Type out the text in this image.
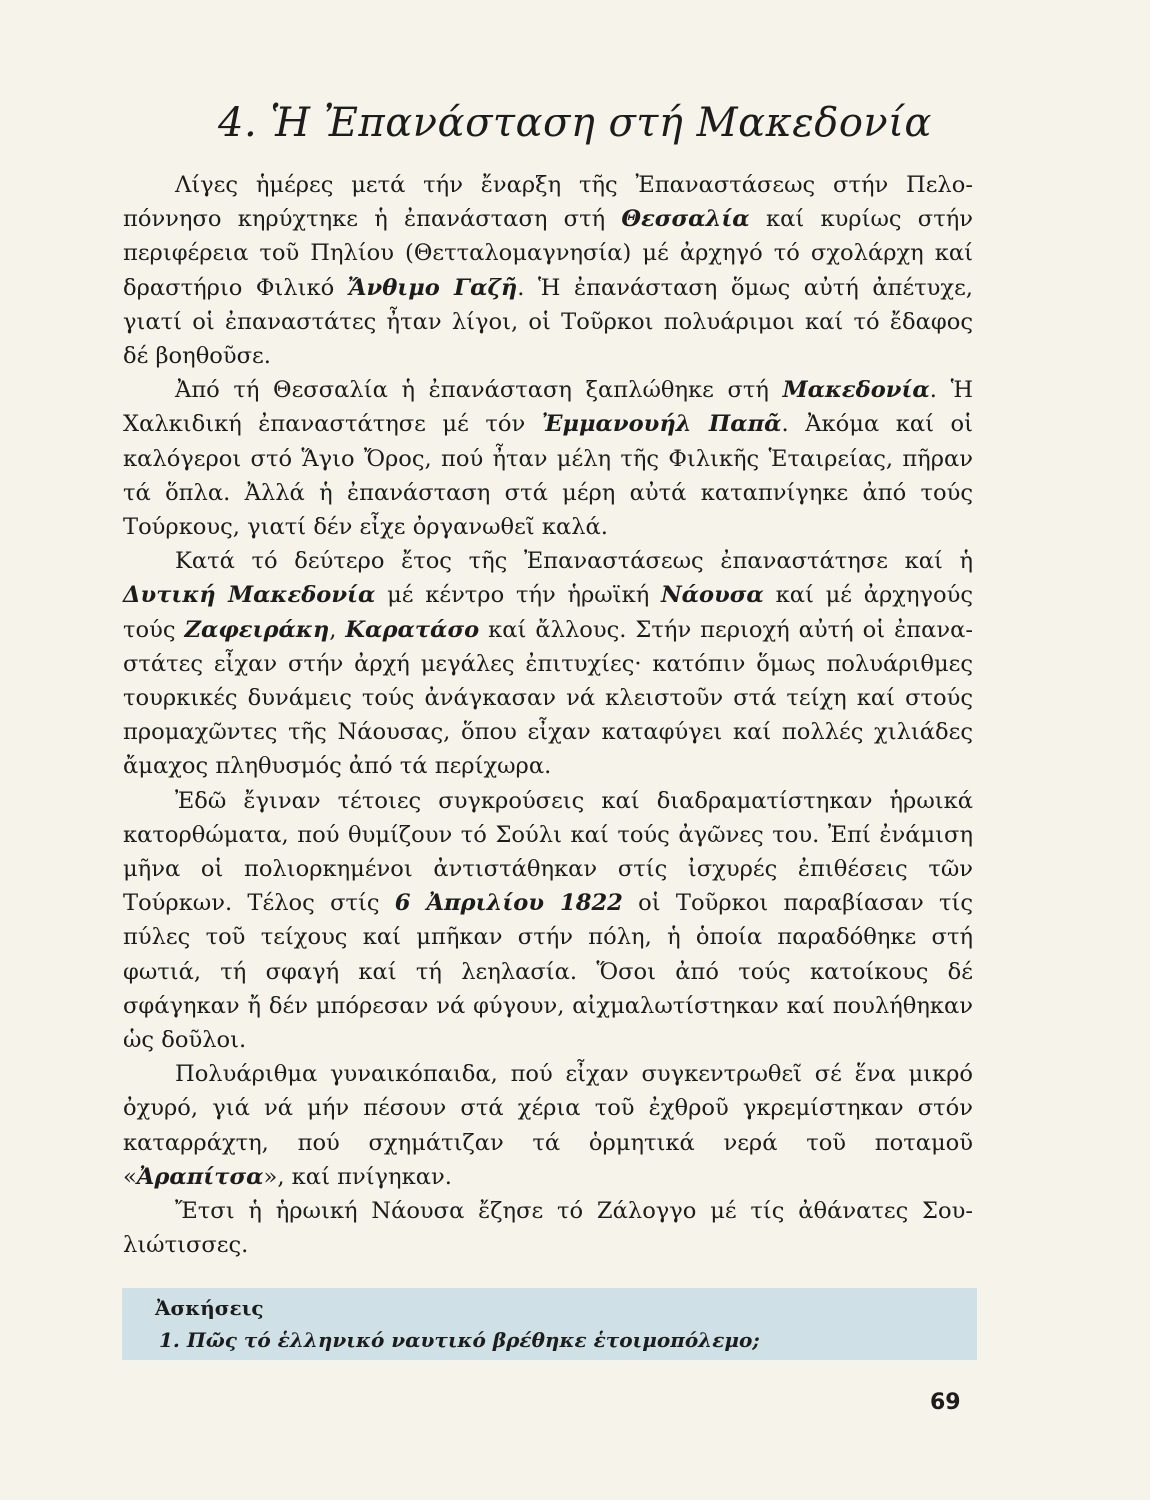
4. Ἡ Ἐπανάσταση στή Μακεδονία

Λίγες ἡμέρες μετά τήν ἔναρξη τῆς Ἐπαναστάσεως στήν Πελοπόννησο κηρύχτηκε ἡ ἐπανάσταση στή Θεσσαλία καί κυρίως στήν περιφέρεια τοῦ Πηλίου (Θετταλομαγνησία) μέ ἀρχηγό τό σχολάρχη καί δραστήριο Φιλικό Ἄνθιμο Γαζῆ. Ἡ ἐπανάσταση ὅμως αὐτή ἀπέτυχε, γιατί οἱ ἐπαναστάτες ἦταν λίγοι, οἱ Τοῦρκοι πολυάριμοι καί τό ἔδαφος δέ βοηθοῦσε.

Ἀπό τή Θεσσαλία ἡ ἐπανάσταση ξαπλώθηκε στή Μακεδονία. Ἡ Χαλκιδική ἐπαναστάτησε μέ τόν Ἐμμανουήλ Παπᾶ. Ἀκόμα καί οἱ καλόγεροι στό Ἅγιο Ὄρος, πού ἦταν μέλη τῆς Φιλικῆς Ἑταιρείας, πῆραν τά ὅπλα. Ἀλλά ἡ ἐπανάσταση στά μέρη αὐτά καταπνίγηκε ἀπό τούς Τούρκους, γιατί δέν εἶχε ὀργανωθεῖ καλά.

Κατά τό δεύτερο ἔτος τῆς Ἐπαναστάσεως ἐπαναστάτησε καί ἡ Δυτική Μακεδονία μέ κέντρο τήν ἡρωϊκή Νάουσα καί μέ ἀρχηγούς τούς Ζαφειράκη, Καρατάσο καί ἄλλους. Στήν περιοχή αὐτή οἱ ἐπαναστάτες εἶχαν στήν ἀρχή μεγάλες ἐπιτυχίες· κατόπιν ὅμως πολυάριθμες τουρκικές δυνάμεις τούς ἀνάγκασαν νά κλειστοῦν στά τείχη καί στούς προμαχῶντες τῆς Νάουσας, ὅπου εἶχαν καταφύγει καί πολλές χιλιάδες ἄμαχος πληθυσμός ἀπό τά περίχωρα.

Ἐδῶ ἔγιναν τέτοιες συγκρούσεις καί διαδραματίστηκαν ἡρωικά κατορθώματα, πού θυμίζουν τό Σούλι καί τούς ἀγῶνες του. Ἐπί ἐνάμιση μῆνα οἱ πολιορκημένοι ἀντιστάθηκαν στίς ἰσχυρές ἐπιθέσεις τῶν Τούρκων. Τέλος στίς 6 Ἀπριλίου 1822 οἱ Τοῦρκοι παραβίασαν τίς πύλες τοῦ τείχους καί μπῆκαν στήν πόλη, ἡ ὁποία παραδόθηκε στή φωτιά, τή σφαγή καί τή λεηλασία. Ὅσοι ἀπό τούς κατοίκους δέ σφάγηκαν ἤ δέν μπόρεσαν νά φύγουν, αἰχμαλωτίστηκαν καί πουλήθηκαν ὡς δοῦλοι.

Πολυάριθμα γυναικόπαιδα, πού εἶχαν συγκεντρωθεῖ σέ ἕνα μικρό ὀχυρό, γιά νά μήν πέσουν στά χέρια τοῦ ἐχθροῦ γκρεμίστηκαν στόν καταρράχτη, πού σχημάτιζαν τά ὁρμητικά νερά τοῦ ποταμοῦ «Ἀραπίτσα», καί πνίγηκαν.

Ἔτσι ἡ ἡρωική Νάουσα ἔζησε τό Ζάλογγο μέ τίς ἀθάνατες Σουλιώτισσες.

Ἀσκήσεις
1. Πῶς τό ἑλληνικό ναυτικό βρέθηκε ἑτοιμοπόλεμο;
69
